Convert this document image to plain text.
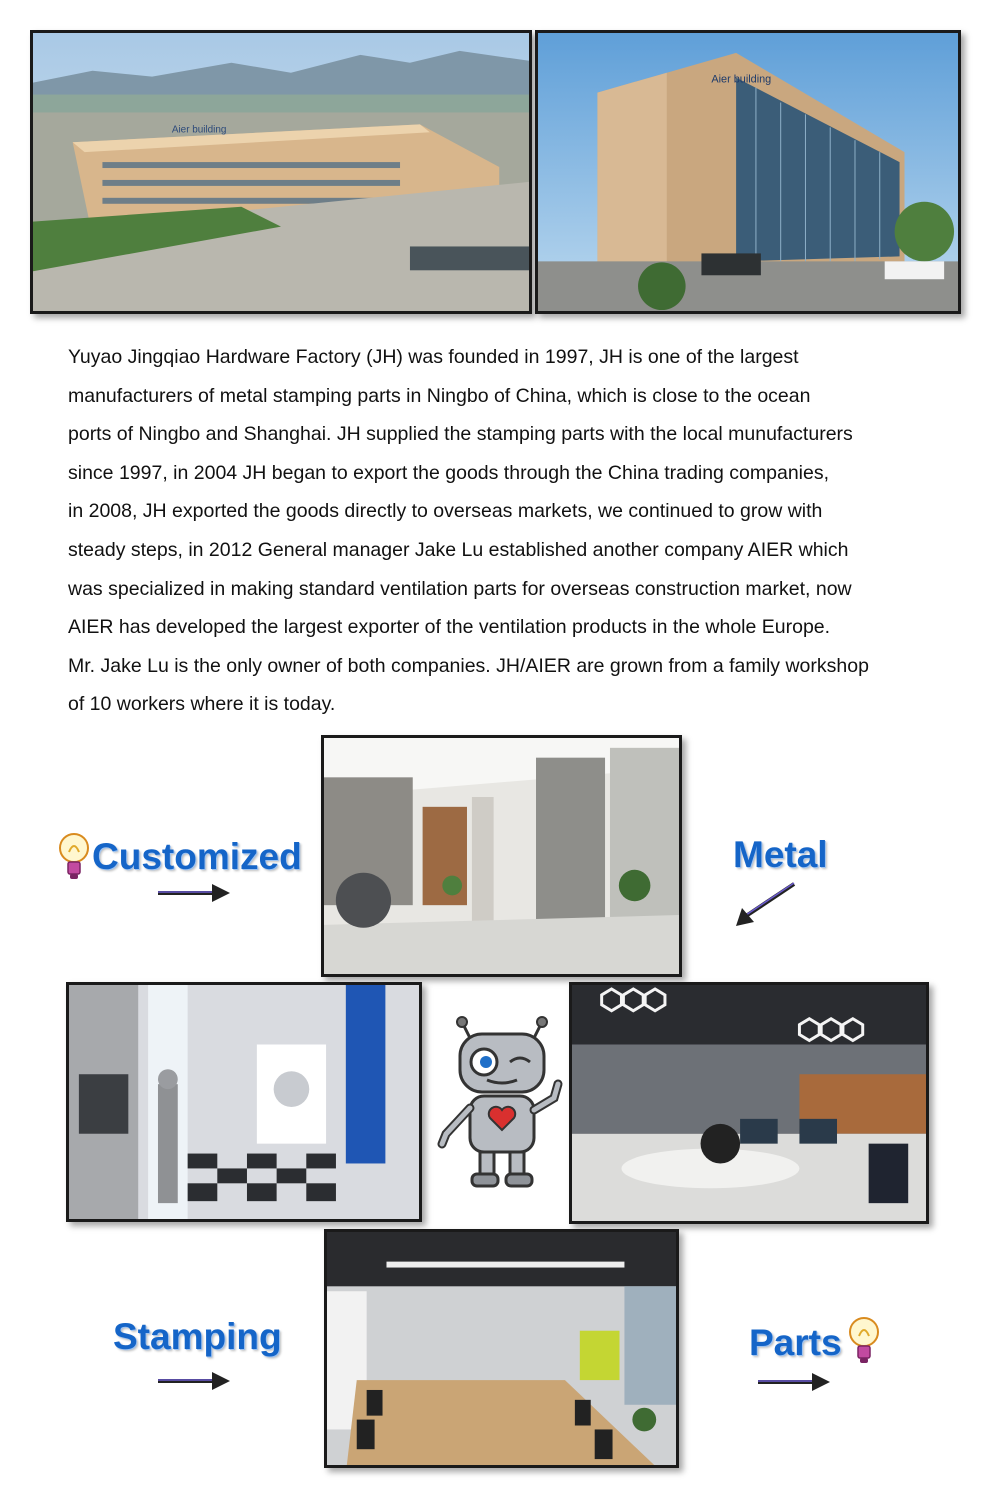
Aier building
Aier building

Yuyao Jingqiao Hardware Factory (JH) was founded in 1997, JH is one of the largest

manufacturers of metal stamping parts in Ningbo of China, which is close to the ocean

ports of Ningbo and Shanghai. JH supplied the stamping parts with the local munufacturers

since 1997, in 2004 JH began to export the goods through the China trading companies,

in 2008, JH exported the goods directly to overseas markets, we continued to grow with

steady steps, in 2012 General manager Jake Lu established another company AIER which

was specialized in making standard ventilation parts for overseas construction market, now

AIER has developed the largest exporter of the ventilation products in the whole Europe.

Mr. Jake Lu is the only owner of both companies. JH/AIER are grown from a family workshop

of 10 workers where it is today.

Customized	Metal
Stamping	Parts
